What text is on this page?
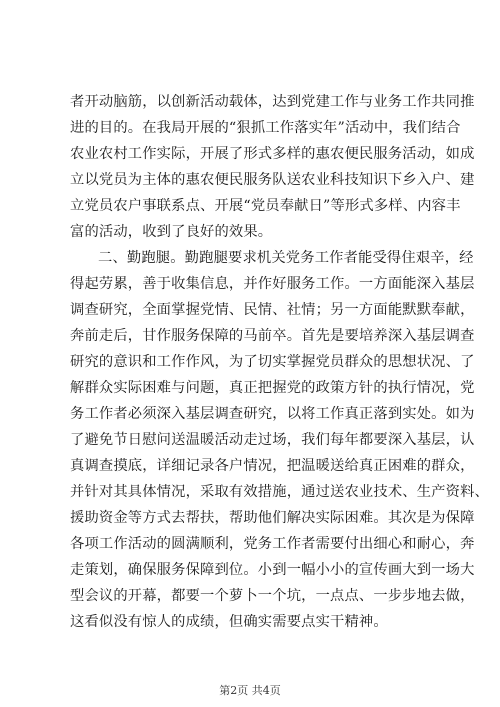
者开动脑筋，以创新活动载体，达到党建工作与业务工作共同推
进的目的。在我局开展的“狠抓工作落实年”活动中，我们结合
农业农村工作实际，开展了形式多样的惠农便民服务活动，如成
立以党员为主体的惠农便民服务队送农业科技知识下乡入户、建
立党员农户事联系点、开展“党员奉献日”等形式多样、内容丰
富的活动，收到了良好的效果。
二、勤跑腿。勤跑腿要求机关党务工作者能受得住艰辛，经
得起劳累，善于收集信息，并作好服务工作。一方面能深入基层
调查研究，全面掌握党情、民情、社情；另一方面能默默奉献，
奔前走后，甘作服务保障的马前卒。首先是要培养深入基层调查
研究的意识和工作作风，为了切实掌握党员群众的思想状况、了
解群众实际困难与问题，真正把握党的政策方针的执行情况，党
务工作者必须深入基层调查研究，以将工作真正落到实处。如为
了避免节日慰问送温暖活动走过场，我们每年都要深入基层，认
真调查摸底，详细记录各户情况，把温暖送给真正困难的群众，
并针对其具体情况，采取有效措施，通过送农业技术、生产资料、
援助资金等方式去帮扶，帮助他们解决实际困难。其次是为保障
各项工作活动的圆满顺利，党务工作者需要付出细心和耐心，奔
走策划，确保服务保障到位。小到一幅小小的宣传画大到一场大
型会议的开幕，都要一个萝卜一个坑，一点点、一步步地去做，
这看似没有惊人的成绩，但确实需要点实干精神。
第2页 共4页
